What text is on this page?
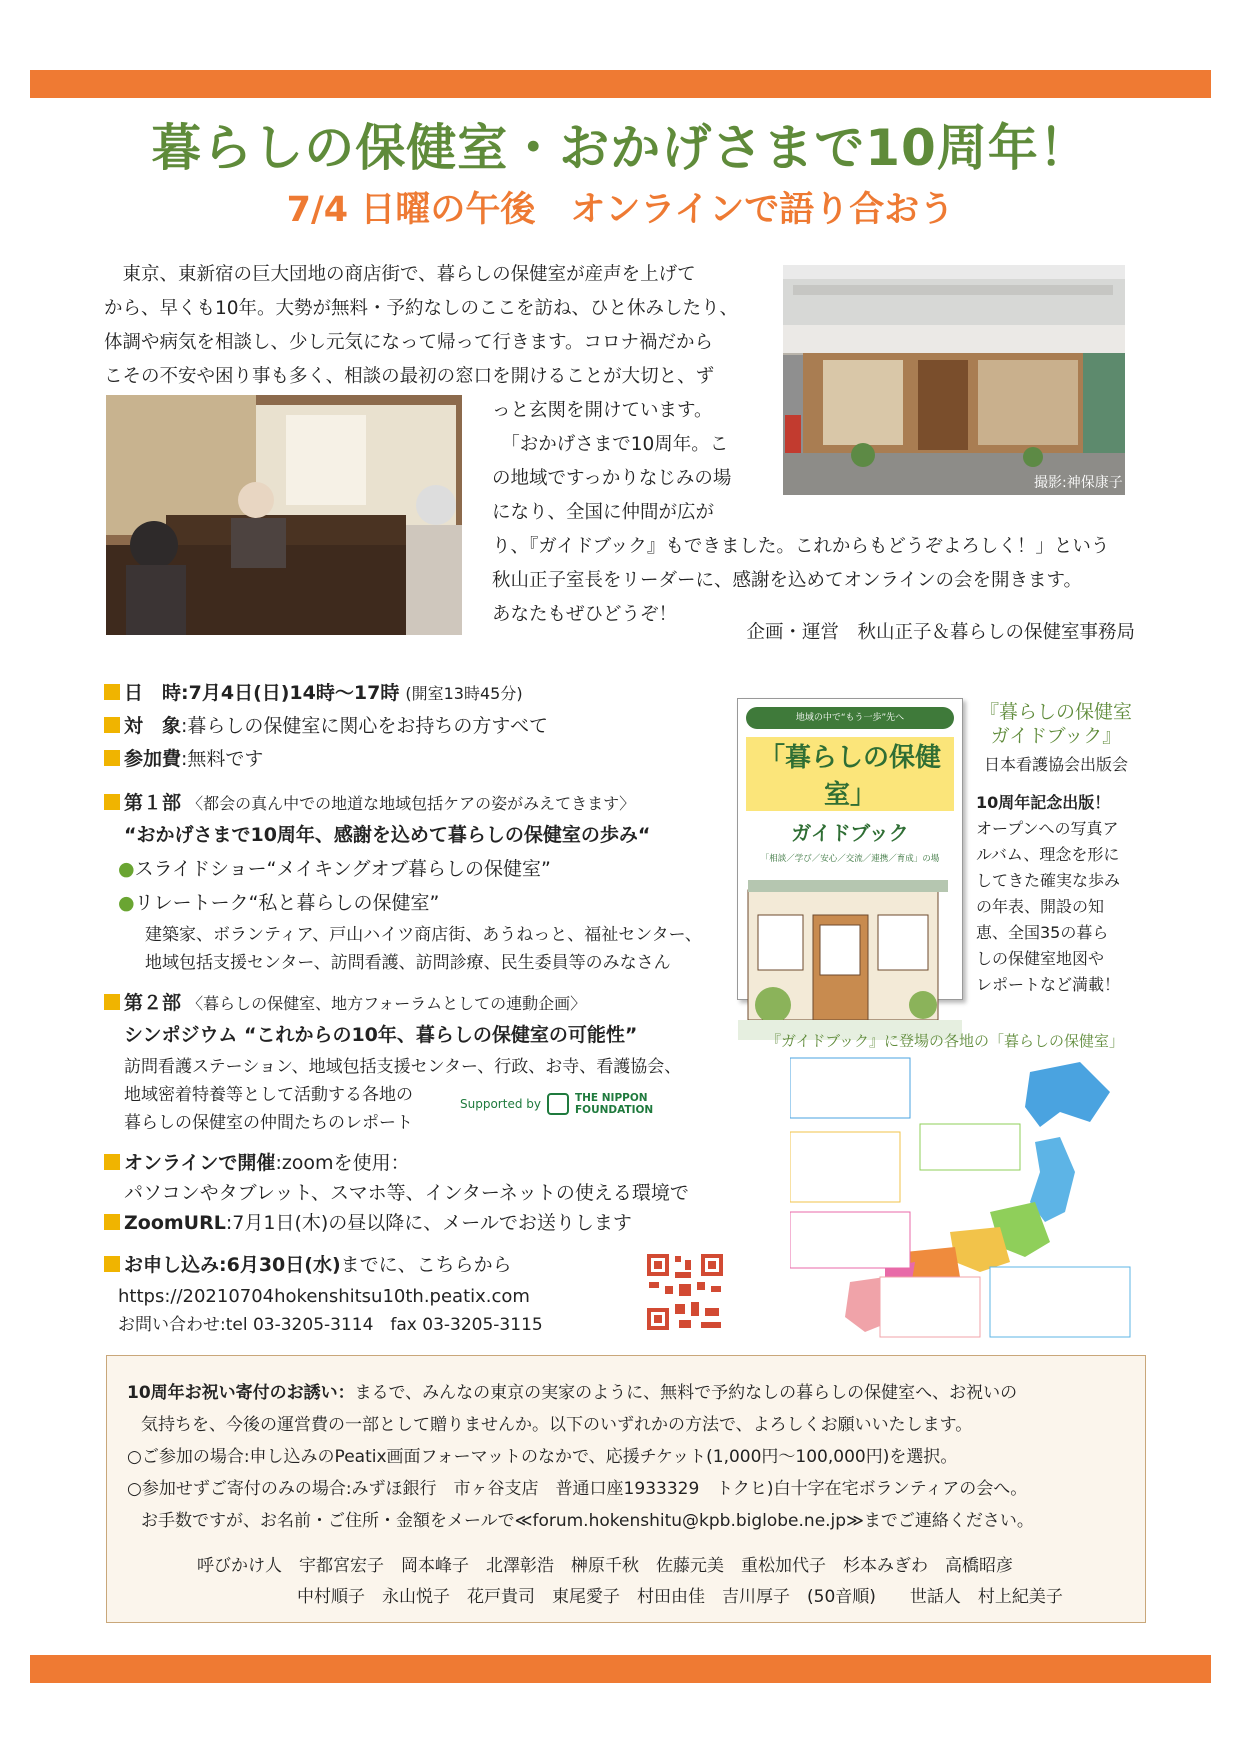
暮らしの保健室・おかげさまで10周年！
7/4 日曜の午後　オンラインで語り合おう
　東京、東新宿の巨大団地の商店街で、暮らしの保健室が産声を上げて
から、早くも10年。大勢が無料・予約なしのここを訪ね、ひと休みしたり、
体調や病気を相談し、少し元気になって帰って行きます。コロナ禍だから
こその不安や困り事も多く、相談の最初の窓口を開けることが大切と、ず
っと玄関を開けています。
　「おかげさまで10周年。こ
の地域ですっかりなじみの場
になり、全国に仲間が広が
り、『ガイドブック』もできました。これからもどうぞよろしく！」という
秋山正子室長をリーダーに、感謝を込めてオンラインの会を開きます。
あなたもぜひどうぞ！
企画・運営　秋山正子＆暮らしの保健室事務局
撮影:神保康子
日　時:7月4日(日)14時〜17時 (開室13時45分)
対　象:暮らしの保健室に関心をお持ちの方すべて
参加費:無料です
第１部 〈都会の真ん中での地道な地域包括ケアの姿がみえてきます〉
“おかげさまで10周年、感謝を込めて暮らしの保健室の歩み“
●スライドショー“メイキングオブ暮らしの保健室”
●リレートーク“私と暮らしの保健室”
建築家、ボランティア、戸山ハイツ商店街、あうねっと、福祉センター、
地域包括支援センター、訪問看護、訪問診療、民生委員等のみなさん
第２部 〈暮らしの保健室、地方フォーラムとしての連動企画〉
シンポジウム “これからの10年、暮らしの保健室の可能性”
訪問看護ステーション、地域包括支援センター、行政、お寺、看護協会、
地域密着特養等として活動する各地の
暮らしの保健室の仲間たちのレポート
Supported by	THE NIPPON
FOUNDATION
オンラインで開催:zoomを使用：
パソコンやタブレット、スマホ等、インターネットの使える環境で
ZoomURL:7月1日(木)の昼以降に、メールでお送りします
お申し込み:6月30日(水)までに、こちらから
https://20210704hokenshitsu10th.peatix.com
お問い合わせ:tel 03-3205-3114　fax 03-3205-3115
地域の中で“もう一歩”先へ
「暮らしの保健室」
ガイドブック
「相談／学び／安心／交流／連携／育成」の場
『暮らしの保健室
ガイドブック』
日本看護協会出版会
10周年記念出版！
オープンへの写真ア
ルバム、理念を形に
してきた確実な歩み
の年表、開設の知
恵、全国35の暮ら
しの保健室地図や
レポートなど満載！
『ガイドブック』に登場の各地の「暮らしの保健室」
10周年お祝い寄付のお誘い：まるで、みんなの東京の実家のように、無料で予約なしの暮らしの保健室へ、お祝いの
気持ちを、今後の運営費の一部として贈りませんか。以下のいずれかの方法で、よろしくお願いいたします。
○ご参加の場合:申し込みのPeatix画面フォーマットのなかで、応援チケット(1,000円〜100,000円)を選択。
○参加せずご寄付のみの場合:みずほ銀行　市ヶ谷支店　普通口座1933329　トクヒ)白十字在宅ボランティアの会へ。
お手数ですが、お名前・ご住所・金額をメールで≪forum.hokenshitu@kpb.biglobe.ne.jp≫までご連絡ください。
呼びかけ人　 宇都宮宏子　岡本峰子　北澤彰浩　榊原千秋　佐藤元美　重松加代子　杉本みぎわ　高橋昭彦
中村順子　永山悦子　花戸貴司　東尾愛子　村田由佳　吉川厚子　(50音順)　　 世話人　村上紀美子
